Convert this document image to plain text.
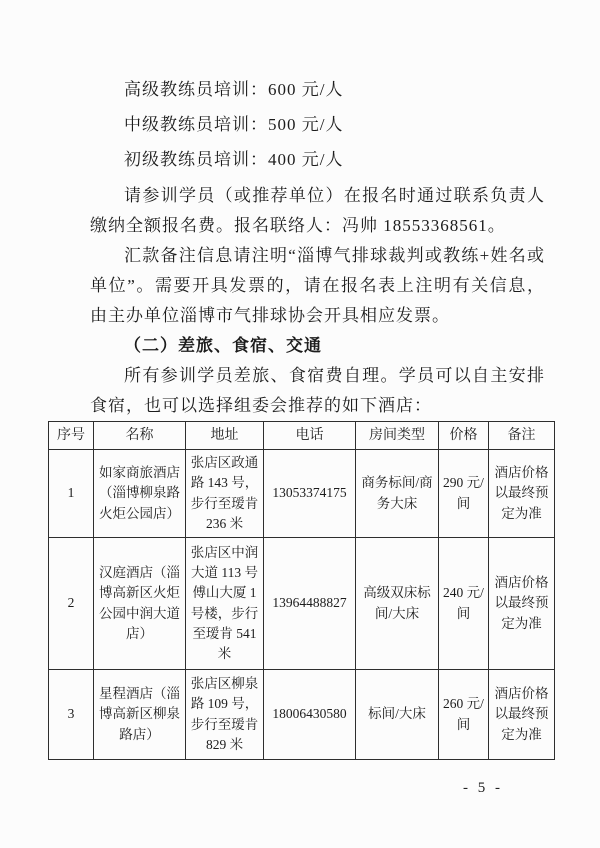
高级教练员培训：600 元/人
中级教练员培训：500 元/人
初级教练员培训：400 元/人

请参训学员（或推荐单位）在报名时通过联系负责人缴纳全额报名费。报名联络人：冯帅 18553368561。

汇款备注信息请注明“淄博气排球裁判或教练+姓名或单位”。需要开具发票的，请在报名表上注明有关信息，由主办单位淄博市气排球协会开具相应发票。

（二）差旅、食宿、交通

所有参训学员差旅、食宿费自理。学员可以自主安排食宿，也可以选择组委会推荐的如下酒店：

序号	名称	地址	电话	房间类型	价格	备注
1	如家商旅酒店（淄博柳泉路火炬公园店）	张店区政通路 143 号，步行至瑷肯 236 米	13053374175	商务标间/商务大床	290 元/间	酒店价格以最终预定为准
2	汉庭酒店（淄博高新区火炬公园中润大道店）	张店区中润大道 113 号傅山大厦 1 号楼，步行至瑷肯 541 米	13964488827	高级双床标间/大床	240 元/间	酒店价格以最终预定为准
3	星程酒店（淄博高新区柳泉路店）	张店区柳泉路 109 号，步行至瑷肯 829 米	18006430580	标间/大床	260 元/间	酒店价格以最终预定为准
- 5 -
